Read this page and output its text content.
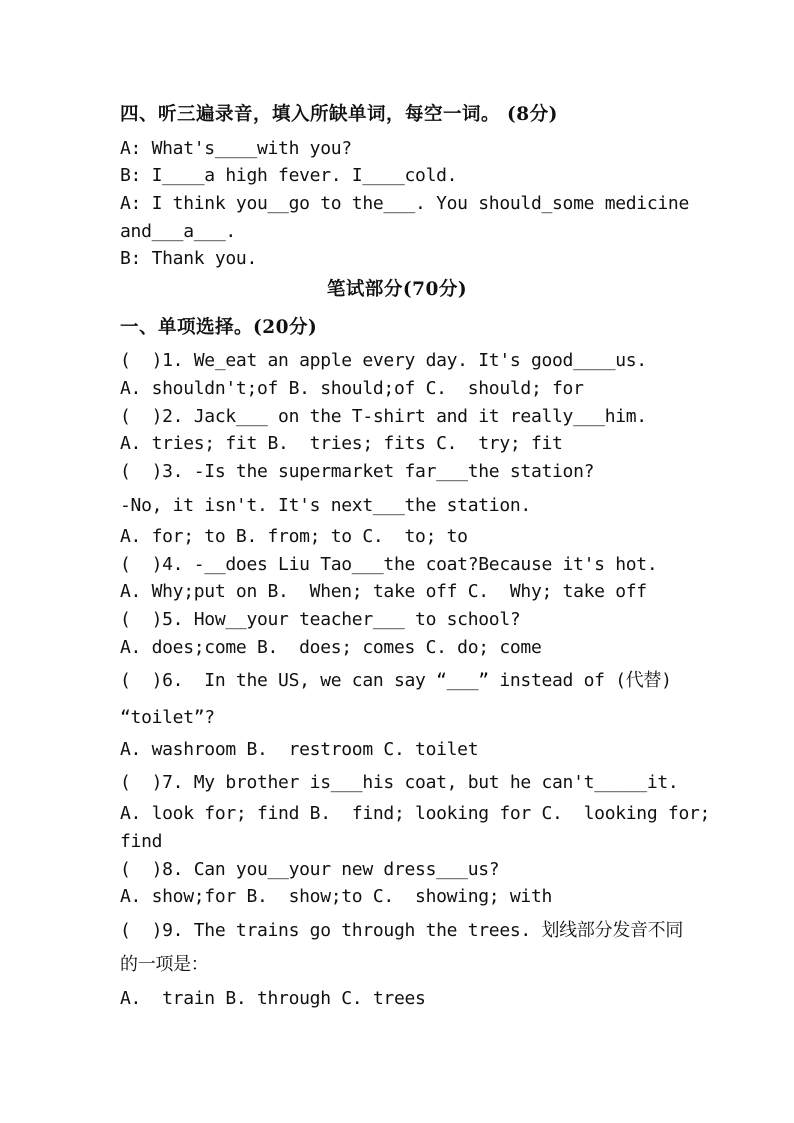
四、听三遍录音，填入所缺单词，每空一词。 (8分)
A: What's____with you?
B: I____a high fever. I____cold.
A: I think you__go to the___. You should_some medicine
and___a___.
B: Thank you.
笔试部分(70分)
一、单项选择。(20分)
(  )1. We_eat an apple every day. It's good____us.
A. shouldn't;of B. should;of C.  should; for
(  )2. Jack___ on the T-shirt and it really___him.
A. tries; fit B.  tries; fits C.  try; fit
(  )3. -Is the supermarket far___the station?
-No, it isn't. It's next___the station.
A. for; to B. from; to C.  to; to
(  )4. -__does Liu Tao___the coat?Because it's hot.
A. Why;put on B.  When; take off C.  Why; take off
(  )5. How__your teacher___ to school?
A. does;come B.  does; comes C. do; come
(  )6.  In the US, we can say “___” instead of (代替)
“toilet”?
A. washroom B.  restroom C. toilet
(  )7. My brother is___his coat, but he can't_____it.
A. look for; find B.  find; looking for C.  looking for;
find
(  )8. Can you__your new dress___us?
A. show;for B.  show;to C.  showing; with
(  )9. The trains go through the trees. 划线部分发音不同
的一项是：
A.  train B. through C. trees
